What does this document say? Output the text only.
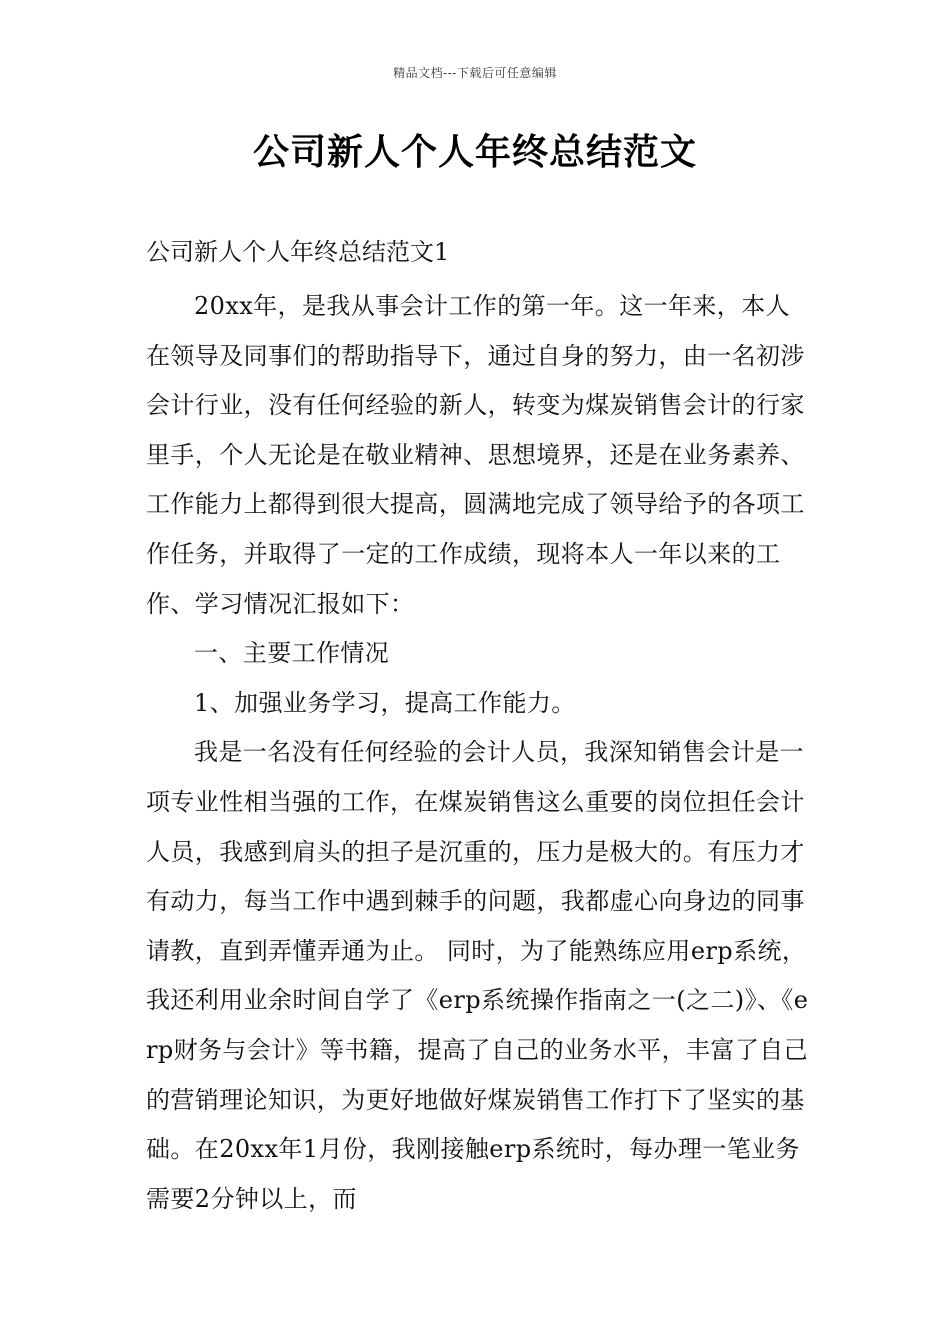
精品文档---下载后可任意编辑
公司新人个人年终总结范文
公司新人个人年终总结范文1

20xx年，是我从事会计工作的第一年。这一年来，本人在领导及同事们的帮助指导下，通过自身的努力，由一名初涉会计行业，没有任何经验的新人，转变为煤炭销售会计的行家里手，个人无论是在敬业精神、思想境界，还是在业务素养、工作能力上都得到很大提高，圆满地完成了领导给予的各项工作任务，并取得了一定的工作成绩，现将本人一年以来的工作、学习情况汇报如下：

一、主要工作情况

1、加强业务学习，提高工作能力。

我是一名没有任何经验的会计人员，我深知销售会计是一项专业性相当强的工作，在煤炭销售这么重要的岗位担任会计人员，我感到肩头的担子是沉重的，压力是极大的。有压力才有动力，每当工作中遇到棘手的问题，我都虚心向身边的同事请教，直到弄懂弄通为止。 同时，为了能熟练应用erp系统，我还利用业余时间自学了《erp系统操作指南之一(之二)》、《erp财务与会计》等书籍，提高了自己的业务水平，丰富了自己的营销理论知识，为更好地做好煤炭销售工作打下了坚实的基础。在20xx年1月份，我刚接触erp系统时，每办理一笔业务需要2分钟以上，而
